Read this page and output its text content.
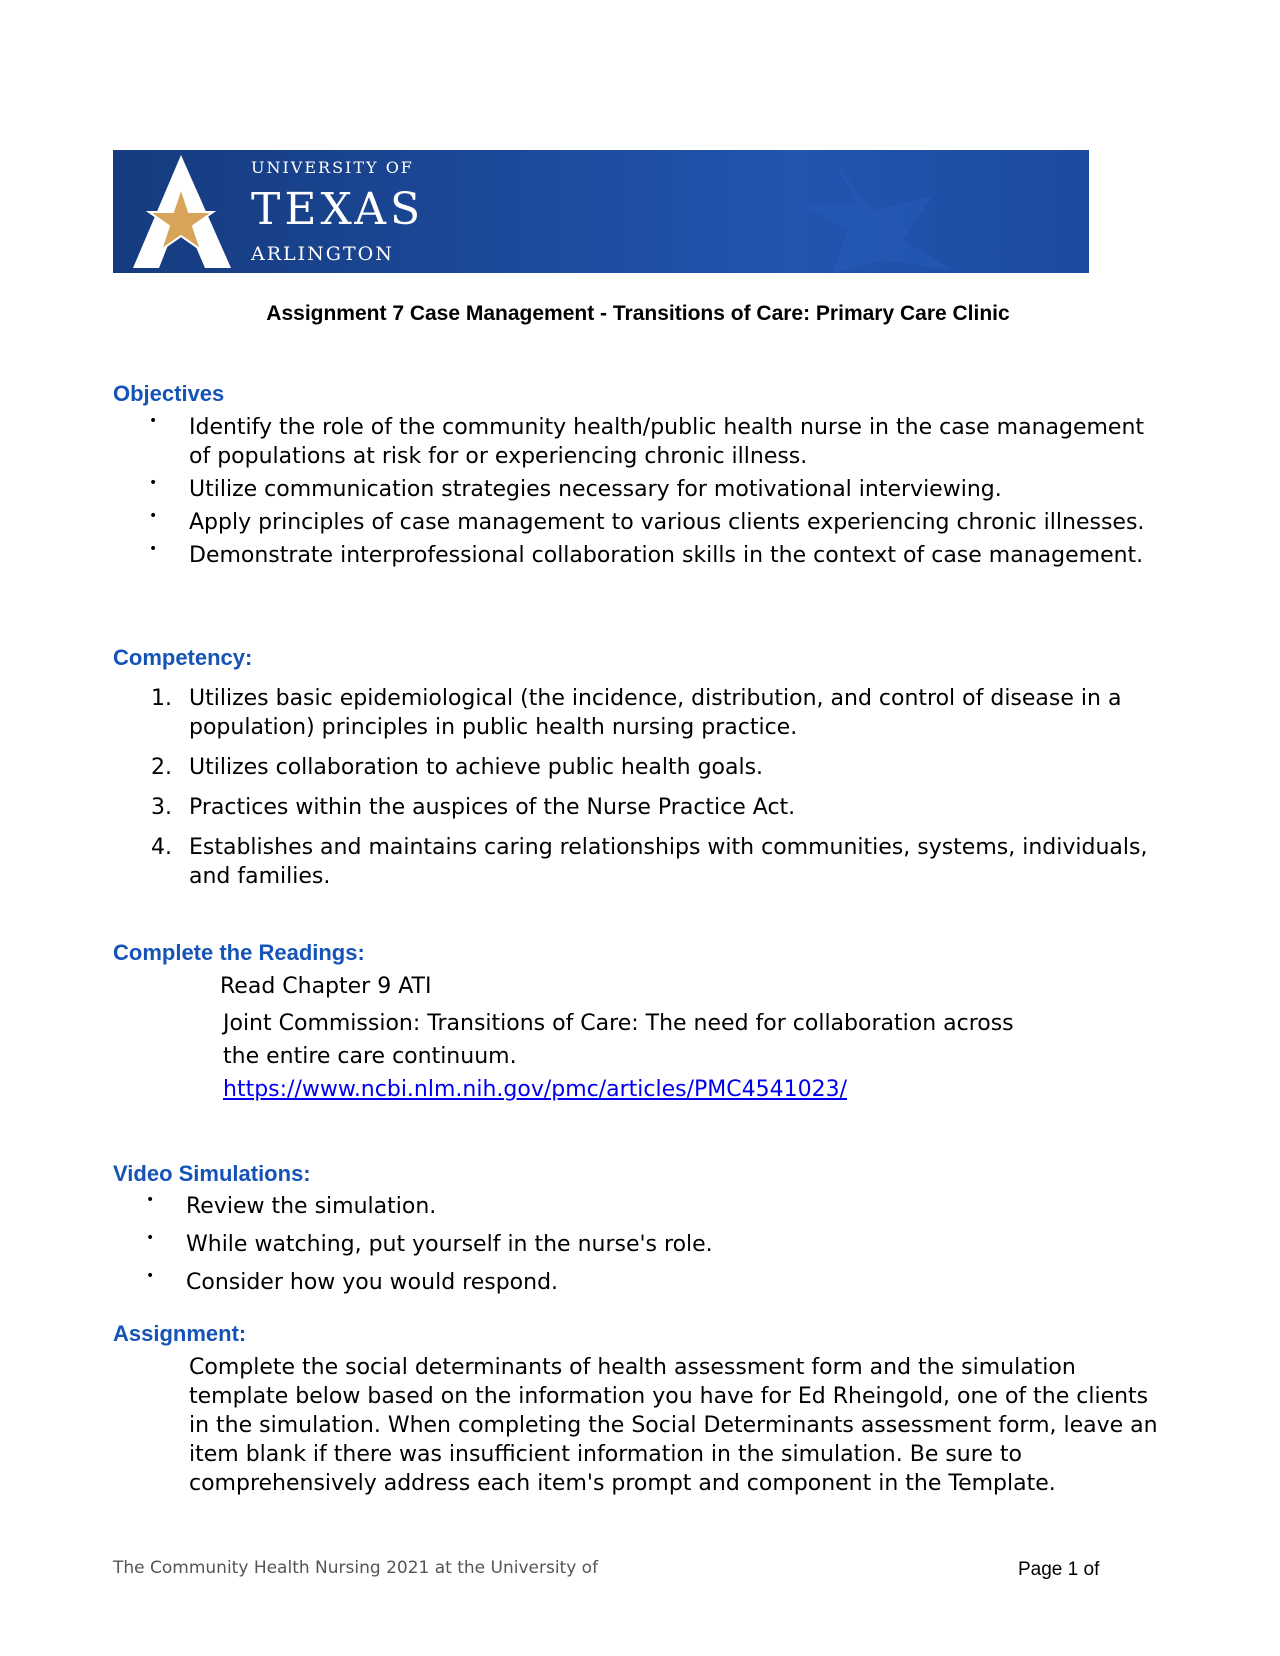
UNIVERSITY OF
TEXAS
ARLINGTON
Assignment 7 Case Management - Transitions of Care: Primary Care Clinic
Objectives
• Identify the role of the community health/public health nurse in the case management of populations at risk for or experiencing chronic illness.
• Utilize communication strategies necessary for motivational interviewing.
• Apply principles of case management to various clients experiencing chronic illnesses.
• Demonstrate interprofessional collaboration skills in the context of case management.
Competency:
1. Utilizes basic epidemiological (the incidence, distribution, and control of disease in a population) principles in public health nursing practice.
2. Utilizes collaboration to achieve public health goals.
3. Practices within the auspices of the Nurse Practice Act.
4. Establishes and maintains caring relationships with communities, systems, individuals, and families.
Complete the Readings:
Read Chapter 9 ATI
Joint Commission: Transitions of Care: The need for collaboration across
the entire care continuum.
https://www.ncbi.nlm.nih.gov/pmc/articles/PMC4541023/
Video Simulations:
• Review the simulation.
• While watching, put yourself in the nurse's role.
• Consider how you would respond.
Assignment:
Complete the social determinants of health assessment form and the simulation template below based on the information you have for Ed Rheingold, one of the clients in the simulation. When completing the Social Determinants assessment form, leave an item blank if there was insufficient information in the simulation. Be sure to comprehensively address each item's prompt and component in the Template.
The Community Health Nursing 2021 at the University of	Page 1 of
